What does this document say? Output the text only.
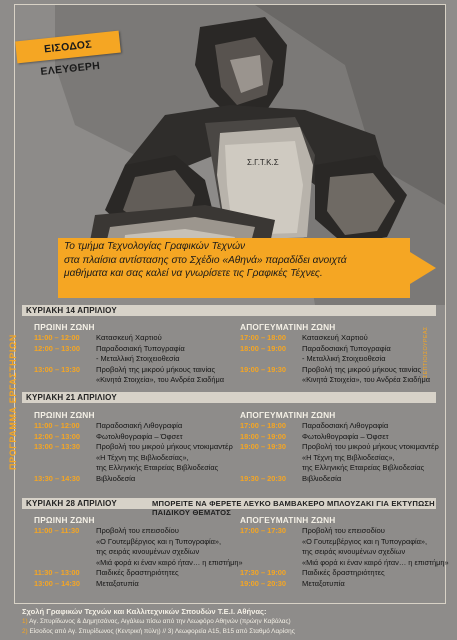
Σ.Γ.Τ.Κ.Σ
ΕΙΣΟΔΟΣ ΕΛΕΥΘΕΡΗ
Το τμήμα Τεχνολογίας Γραφικών Τεχνών
στα πλαίσια αντίστασης στο Σχέδιο «Αθηνά» παραδίδει ανοιχτά
μαθήματα και σας καλεί να γνωρίσετε τις Γραφικές Τέχνες.
ΠΡΟΓΡΑΜΜΑ ΕΡΓΑΣΤΗΡΙΩΝ	ΣΕΠΤΙΟΙΣΟΥΡΕΑΣ
ΚΥΡΙΑΚΗ 14 ΑΠΡΙΛΙΟΥ
ΠΡΩΙΝΗ ΖΩΝΗ	ΑΠΟΓΕΥΜΑΤΙΝΗ ΖΩΝΗ
11:00 – 12:00	Κατασκευή Χαρτιού
12:00 – 13:00	Παραδοσιακή Τυπογραφία
- Μεταλλική Στοιχειοθεσία
13:00 – 13:30	Προβολή της μικρού μήκους ταινίας
«Κινητά Στοιχεία», του Ανδρέα Σιαδήμα
17:00 – 18:00	Κατασκευή Χαρτιού
18:00 – 19:00	Παραδοσιακή Τυπογραφία
- Μεταλλική Στοιχειοθεσία
19:00 – 19:30	Προβολή της μικρού μήκους ταινίας
«Κινητά Στοιχεία», του Ανδρέα Σιαδήμα
ΚΥΡΙΑΚΗ 21 ΑΠΡΙΛΙΟΥ
ΠΡΩΙΝΗ ΖΩΝΗ	ΑΠΟΓΕΥΜΑΤΙΝΗ ΖΩΝΗ
11:00 – 12:00	Παραδοσιακή Λιθογραφία
12:00 – 13:00	Φωτολιθογραφία – Όφσετ
13:00 – 13:30	Προβολή του μικρού μήκους ντοκιμαντέρ
«Η Τέχνη της Βιβλιοδεσίας»,
της Ελληνικής Εταιρείας Βιβλιοδεσίας
13:30 – 14:30	Βιβλιοδεσία
17:00 – 18:00	Παραδοσιακή Λιθογραφία
18:00 – 19:00	Φωτολιθογραφία – Όφσετ
19:00 – 19:30	Προβολή του μικρού μήκους ντοκιμαντέρ
«Η Τέχνη της Βιβλιοδεσίας»,
της Ελληνικής Εταιρείας Βιβλιοδεσίας
19:30 – 20:30	Βιβλιοδεσία
ΚΥΡΙΑΚΗ 28 ΑΠΡΙΛΙΟΥ	ΜΠΟΡΕΙΤΕ ΝΑ ΦΕΡΕΤΕ ΛΕΥΚΟ ΒΑΜΒΑΚΕΡΟ ΜΠΛΟΥΖΑΚΙ ΓΙΑ ΕΚΤΥΠΩΣΗ ΠΑΙΔΙΚΟΥ ΘΕΜΑΤΟΣ
ΠΡΩΙΝΗ ΖΩΝΗ	ΑΠΟΓΕΥΜΑΤΙΝΗ ΖΩΝΗ
11:00 – 11:30	Προβολή του επεισοδίου
«Ο Γουτεμβέργιος και η Τυπογραφία»,
της σειράς κινουμένων σχεδίων
«Μιά φορά κι έναν καιρό ήταν… η επιστήμη»
11:30 – 13:00	Παιδικές δραστηριότητες
13:00 – 14:30	Μεταξοτυπία
17:00 – 17:30	Προβολή του επεισοδίου
«Ο Γουτεμβέργιος και η Τυπογραφία»,
της σειράς κινουμένων σχεδίων
«Μιά φορά κι έναν καιρό ήταν… η επιστήμη»
17:30 – 19:00	Παιδικές δραστηριότητες
19:00 – 20:30	Μεταξοτυπία
Σχολή Γραφικών Τεχνών και Καλλιτεχνικών Σπουδών Τ.Ε.Ι. Αθήνας:
1) Αγ. Σπυρίδωνος & Δημητσάνας, Αιγάλεω πίσω από την Λεωφόρο Αθηνών (πρώην Καβάλας)
2) Είσοδος από Αγ. Σπυρίδωνος (Κεντρική πύλη) // 3) Λεωφορεία Α15, Β15 από Σταθμό Λαρίσης
